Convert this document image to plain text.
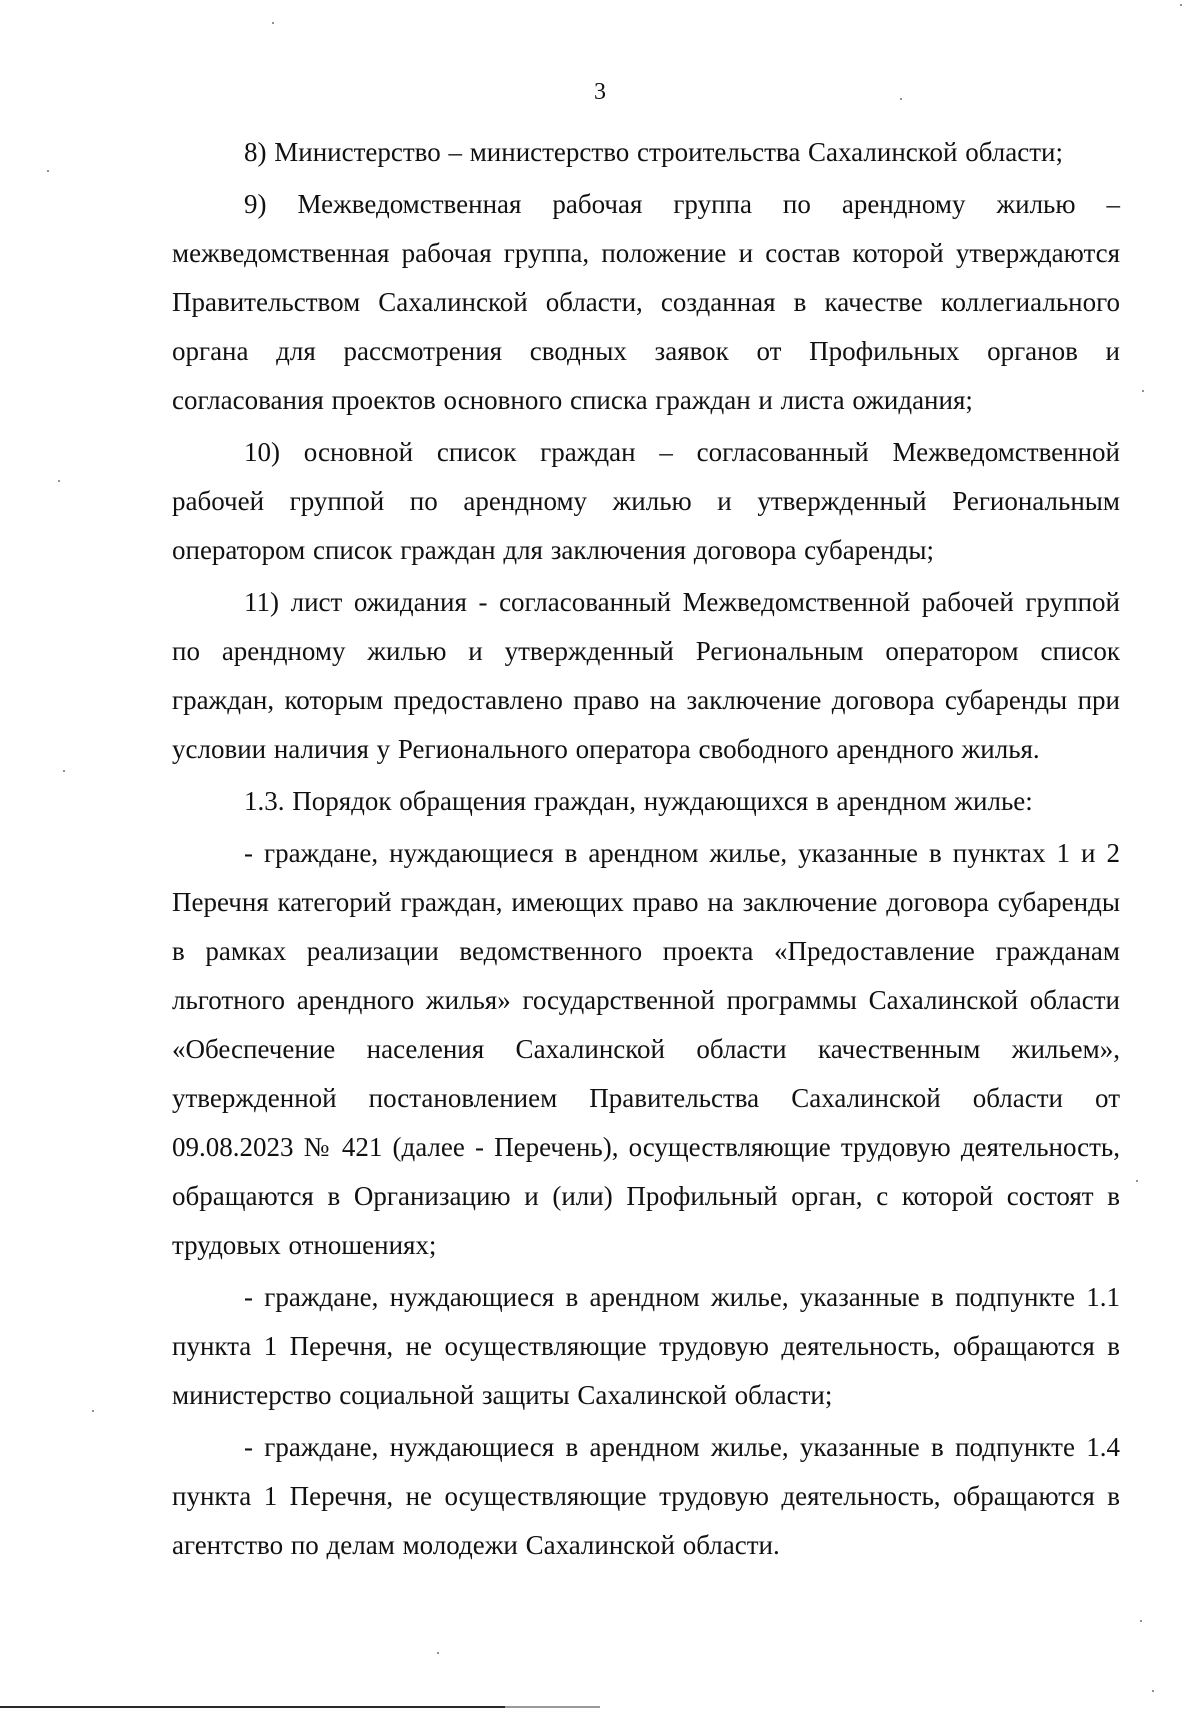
3

8) Министерство – министерство строительства Сахалинской области;

9) Межведомственная рабочая группа по арендному жилью – межведомственная рабочая группа, положение и состав которой утверждаются Правительством Сахалинской области, созданная в качестве коллегиального органа для рассмотрения сводных заявок от Профильных органов и согласования проектов основного списка граждан и листа ожидания;

10) основной список граждан – согласованный Межведомственной рабочей группой по арендному жилью и утвержденный Региональным оператором список граждан для заключения договора субаренды;

11) лист ожидания - согласованный Межведомственной рабочей группой по арендному жилью и утвержденный Региональным оператором список граждан, которым предоставлено право на заключение договора субаренды при условии наличия у Регионального оператора свободного арендного жилья.

1.3. Порядок обращения граждан, нуждающихся в арендном жилье:

- граждане, нуждающиеся в арендном жилье, указанные в пунктах 1 и 2 Перечня категорий граждан, имеющих право на заключение договора субаренды в рамках реализации ведомственного проекта «Предоставление гражданам льготного арендного жилья» государственной программы Сахалинской области «Обеспечение населения Сахалинской области качественным жильем», утвержденной постановлением Правительства Сахалинской области от 09.08.2023 № 421 (далее - Перечень), осуществляющие трудовую деятельность, обращаются в Организацию и (или) Профильный орган, с которой состоят в трудовых отношениях;

- граждане, нуждающиеся в арендном жилье, указанные в подпункте 1.1 пункта 1 Перечня, не осуществляющие трудовую деятельность, обращаются в министерство социальной защиты Сахалинской области;

- граждане, нуждающиеся в арендном жилье, указанные в подпункте 1.4 пункта 1 Перечня, не осуществляющие трудовую деятельность, обращаются в агентство по делам молодежи Сахалинской области.
